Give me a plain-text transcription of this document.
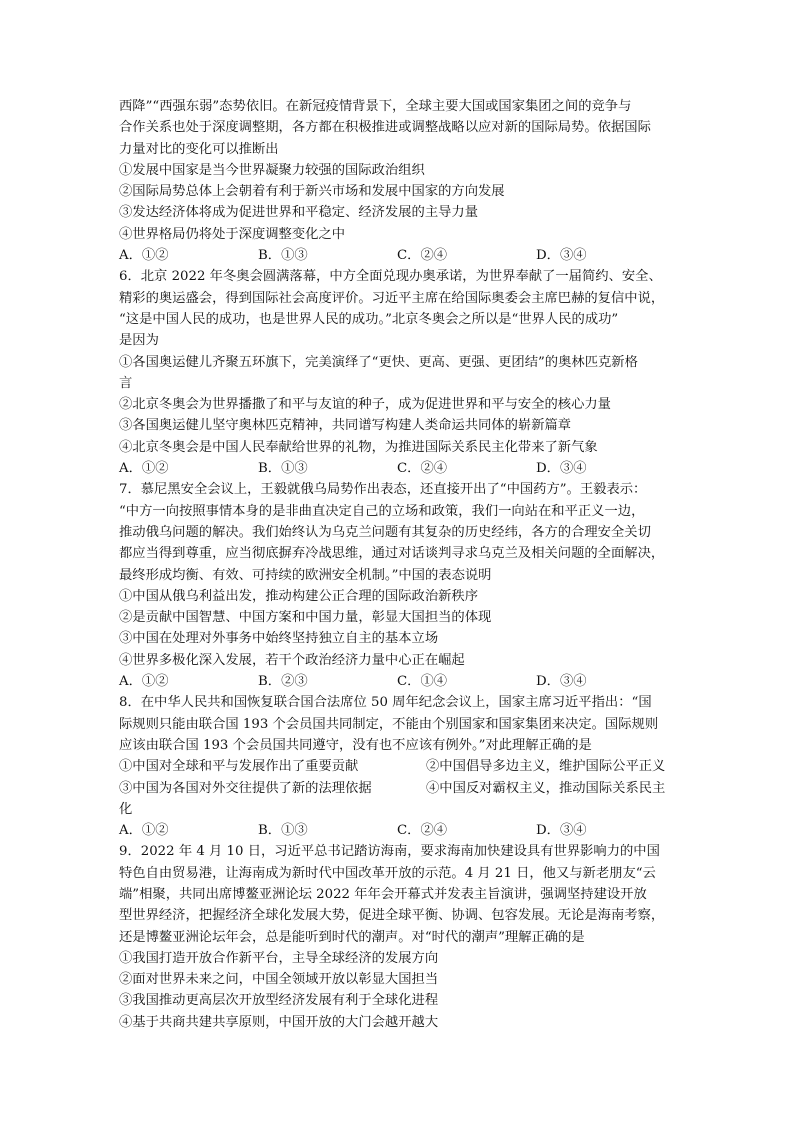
西降”“西强东弱”态势依旧。在新冠疫情背景下，全球主要大国或国家集团之间的竞争与
合作关系也处于深度调整期，各方都在积极推进或调整战略以应对新的国际局势。依据国际
力量对比的变化可以推断出
①发展中国家是当今世界凝聚力较强的国际政治组织
②国际局势总体上会朝着有利于新兴市场和发展中国家的方向发展
③发达经济体将成为促进世界和平稳定、经济发展的主导力量
④世界格局仍将处于深度调整变化之中
A．①②	B．①③	C．②④	D．③④
6．北京 2022 年冬奥会圆满落幕，中方全面兑现办奥承诺，为世界奉献了一届简约、安全、
精彩的奥运盛会，得到国际社会高度评价。习近平主席在给国际奥委会主席巴赫的复信中说，
“这是中国人民的成功，也是世界人民的成功。”北京冬奥会之所以是“世界人民的成功”
是因为
①各国奥运健儿齐聚五环旗下，完美演绎了“更快、更高、更强、更团结”的奥林匹克新格
言
②北京冬奥会为世界播撒了和平与友谊的种子，成为促进世界和平与安全的核心力量
③各国奥运健儿坚守奥林匹克精神，共同谱写构建人类命运共同体的崭新篇章
④北京冬奥会是中国人民奉献给世界的礼物，为推进国际关系民主化带来了新气象
A．①②	B．①③	C．②④	D．③④
7．慕尼黑安全会议上，王毅就俄乌局势作出表态，还直接开出了“中国药方”。王毅表示：
“中方一向按照事情本身的是非曲直决定自己的立场和政策，我们一向站在和平正义一边，
推动俄乌问题的解决。我们始终认为乌克兰问题有其复杂的历史经纬，各方的合理安全关切
都应当得到尊重，应当彻底摒弃冷战思维，通过对话谈判寻求乌克兰及相关问题的全面解决，
最终形成均衡、有效、可持续的欧洲安全机制。”中国的表态说明
①中国从俄乌利益出发，推动构建公正合理的国际政治新秩序
②是贡献中国智慧、中国方案和中国力量，彰显大国担当的体现
③中国在处理对外事务中始终坚持独立自主的基本立场
④世界多极化深入发展，若干个政治经济力量中心正在崛起
A．①②	B．②③	C．①④	D．③④
8．在中华人民共和国恢复联合国合法席位 50 周年纪念会议上，国家主席习近平指出：“国
际规则只能由联合国 193 个会员国共同制定，不能由个别国家和国家集团来决定。国际规则
应该由联合国 193 个会员国共同遵守，没有也不应该有例外。”对此理解正确的是
①中国对全球和平与发展作出了重要贡献	②中国倡导多边主义，维护国际公平正义
③中国为各国对外交往提供了新的法理依据	④中国反对霸权主义，推动国际关系民主
化
A．①②	B．①③	C．②④	D．③④
9．2022 年 4 月 10 日，习近平总书记踏访海南，要求海南加快建设具有世界影响力的中国
特色自由贸易港，让海南成为新时代中国改革开放的示范。4 月 21 日，他又与新老朋友“云
端”相聚，共同出席博鳌亚洲论坛 2022 年年会开幕式并发表主旨演讲，强调坚持建设开放
型世界经济，把握经济全球化发展大势，促进全球平衡、协调、包容发展。无论是海南考察，
还是博鳌亚洲论坛年会，总是能听到时代的潮声。对“时代的潮声”理解正确的是
①我国打造开放合作新平台，主导全球经济的发展方向
②面对世界未来之问，中国全领域开放以彰显大国担当
③我国推动更高层次开放型经济发展有利于全球化进程
④基于共商共建共享原则，中国开放的大门会越开越大
